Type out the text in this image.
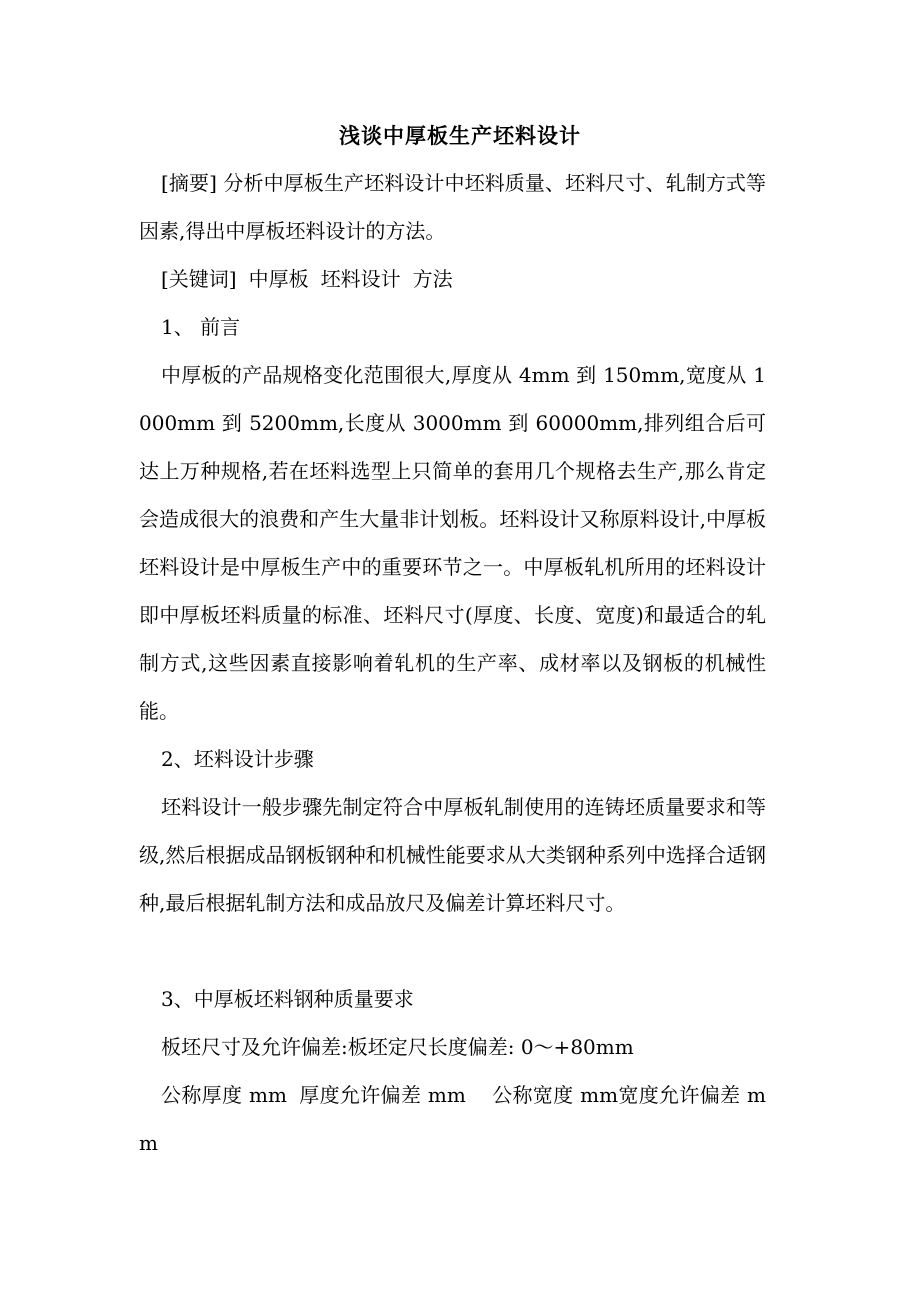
浅谈中厚板生产坯料设计

[摘要] 分析中厚板生产坯料设计中坯料质量、坯料尺寸、轧制方式等因素,得出中厚板坯料设计的方法。

[关键词] 中厚板 坯料设计 方法

1、 前言

中厚板的产品规格变化范围很大,厚度从 4mm 到 150mm,宽度从 1000mm 到 5200mm,长度从 3000mm 到 60000mm,排列组合后可达上万种规格,若在坯料选型上只简单的套用几个规格去生产,那么肯定会造成很大的浪费和产生大量非计划板。坯料设计又称原料设计,中厚板坯料设计是中厚板生产中的重要环节之一。中厚板轧机所用的坯料设计即中厚板坯料质量的标准、坯料尺寸(厚度、长度、宽度)和最适合的轧制方式,这些因素直接影响着轧机的生产率、成材率以及钢板的机械性能。

2、坯料设计步骤

坯料设计一般步骤先制定符合中厚板轧制使用的连铸坯质量要求和等级,然后根据成品钢板钢种和机械性能要求从大类钢种系列中选择合适钢种,最后根据轧制方法和成品放尺及偏差计算坯料尺寸。

3、中厚板坯料钢种质量要求

板坯尺寸及允许偏差:板坯定尺长度偏差: 0～+80mm

公称厚度 mm 厚度允许偏差 mm 公称宽度 mm宽度允许偏差 mm
